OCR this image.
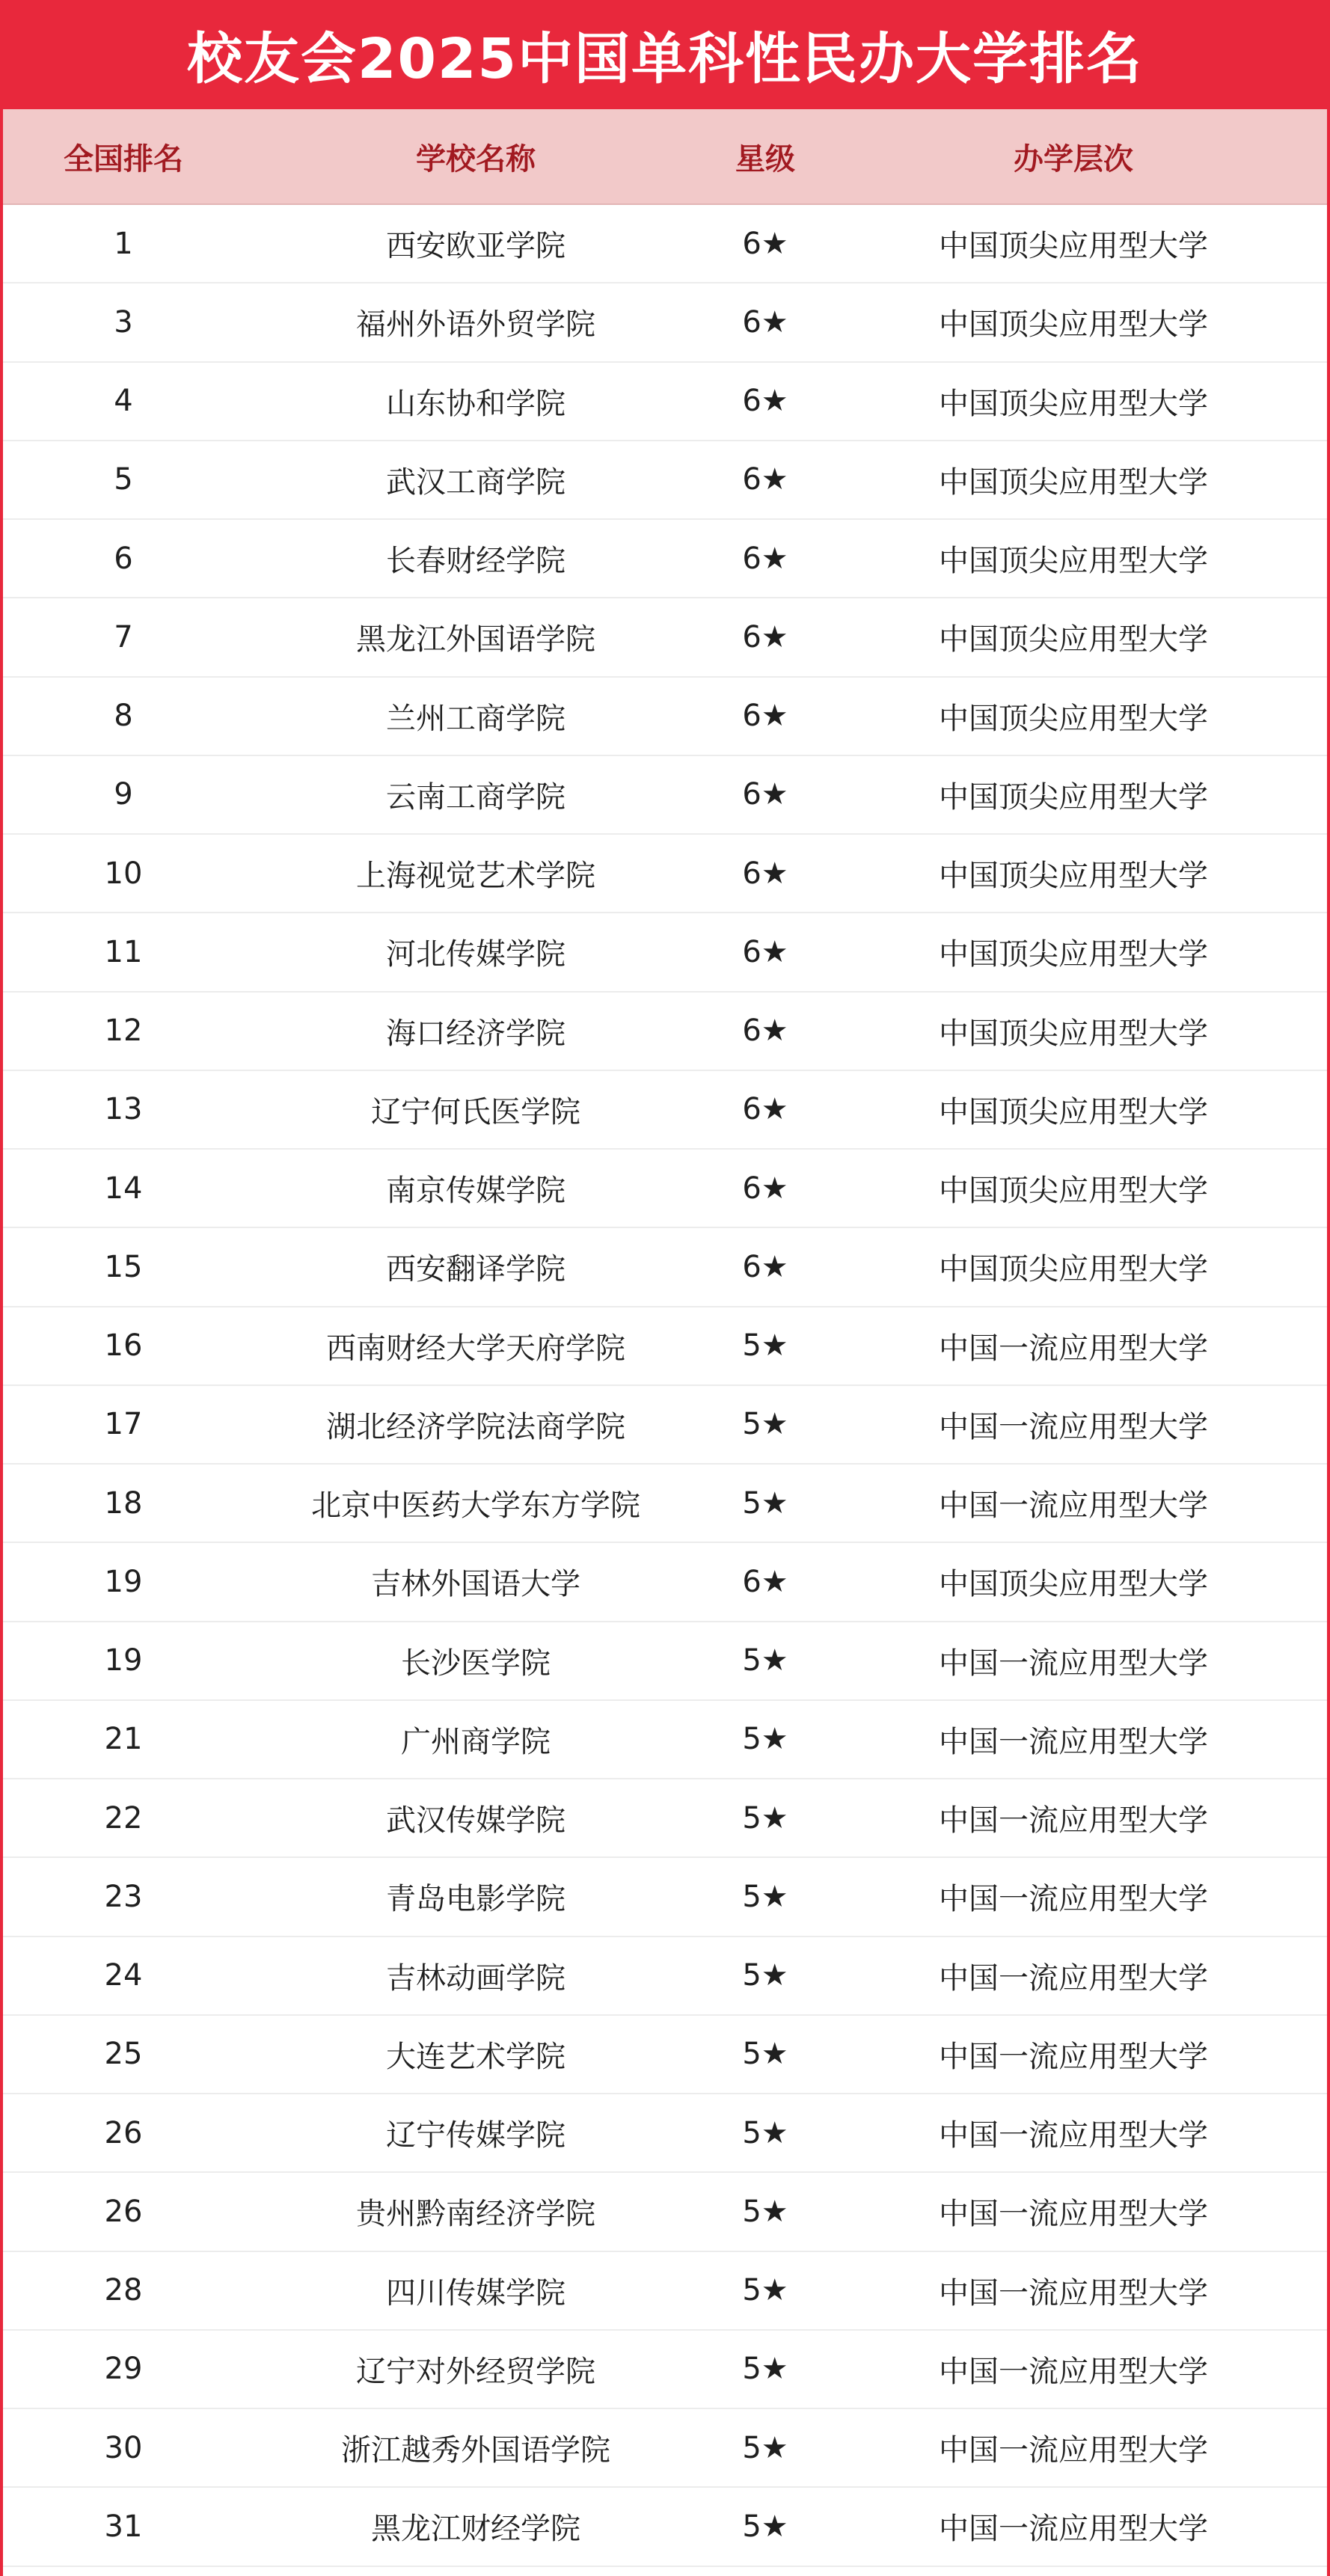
校友会2025中国单科性民办大学排名
全国排名	学校名称	星级	办学层次
1	西安欧亚学院	6★	中国顶尖应用型大学
3	福州外语外贸学院	6★	中国顶尖应用型大学
4	山东协和学院	6★	中国顶尖应用型大学
5	武汉工商学院	6★	中国顶尖应用型大学
6	长春财经学院	6★	中国顶尖应用型大学
7	黑龙江外国语学院	6★	中国顶尖应用型大学
8	兰州工商学院	6★	中国顶尖应用型大学
9	云南工商学院	6★	中国顶尖应用型大学
10	上海视觉艺术学院	6★	中国顶尖应用型大学
11	河北传媒学院	6★	中国顶尖应用型大学
12	海口经济学院	6★	中国顶尖应用型大学
13	辽宁何氏医学院	6★	中国顶尖应用型大学
14	南京传媒学院	6★	中国顶尖应用型大学
15	西安翻译学院	6★	中国顶尖应用型大学
16	西南财经大学天府学院	5★	中国一流应用型大学
17	湖北经济学院法商学院	5★	中国一流应用型大学
18	北京中医药大学东方学院	5★	中国一流应用型大学
19	吉林外国语大学	6★	中国顶尖应用型大学
19	长沙医学院	5★	中国一流应用型大学
21	广州商学院	5★	中国一流应用型大学
22	武汉传媒学院	5★	中国一流应用型大学
23	青岛电影学院	5★	中国一流应用型大学
24	吉林动画学院	5★	中国一流应用型大学
25	大连艺术学院	5★	中国一流应用型大学
26	辽宁传媒学院	5★	中国一流应用型大学
26	贵州黔南经济学院	5★	中国一流应用型大学
28	四川传媒学院	5★	中国一流应用型大学
29	辽宁对外经贸学院	5★	中国一流应用型大学
30	浙江越秀外国语学院	5★	中国一流应用型大学
31	黑龙江财经学院	5★	中国一流应用型大学
